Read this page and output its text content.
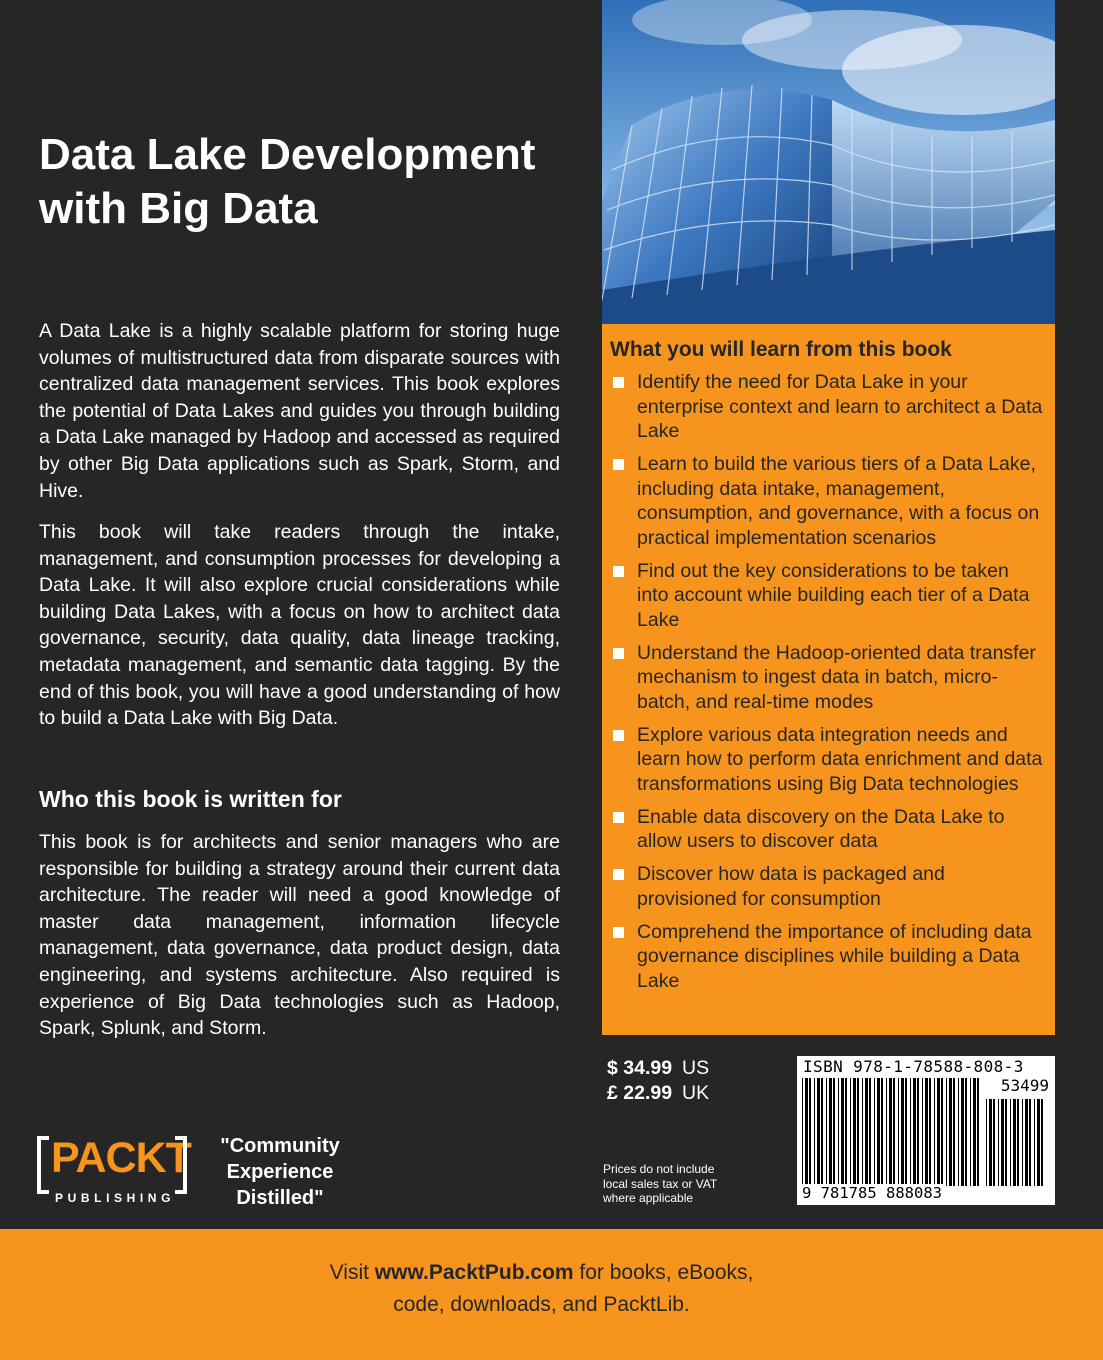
Data Lake Development
with Big Data
A Data Lake is a highly scalable platform for storing huge volumes of multistructured data from disparate sources with centralized data management services. This book explores the potential of Data Lakes and guides you through building a Data Lake managed by Hadoop and accessed as required by other Big Data applications such as Spark, Storm, and Hive.
This book will take readers through the intake, management, and consumption processes for developing a Data Lake. It will also explore crucial considerations while building Data Lakes, with a focus on how to architect data governance, security, data quality, data lineage tracking, metadata management, and semantic data tagging. By the end of this book, you will have a good understanding of how to build a Data Lake with Big Data.
Who this book is written for
This book is for architects and senior managers who are responsible for building a strategy around their current data architecture. The reader will need a good knowledge of master data management, information lifecycle management, data governance, data product design, data engineering, and systems architecture. Also required is experience of Big Data technologies such as Hadoop, Spark, Splunk, and Storm.
PACKT
PUBLISHING
"Community
Experience
Distilled"
What you will learn from this book
Identify the need for Data Lake in your enterprise context and learn to architect a Data Lake
Learn to build the various tiers of a Data Lake, including data intake, management, consumption, and governance, with a focus on practical implementation scenarios
Find out the key considerations to be taken into account while building each tier of a Data Lake
Understand the Hadoop-oriented data transfer mechanism to ingest data in batch, micro-batch, and real-time modes
Explore various data integration needs and learn how to perform data enrichment and data transformations using Big Data technologies
Enable data discovery on the Data Lake to allow users to discover data
Discover how data is packaged and provisioned for consumption
Comprehend the importance of including data governance disciplines while building a Data Lake
$ 34.99 US
£ 22.99 UK
Prices do not include
local sales tax or VAT
where applicable
ISBN 978-1-78588-808-3
53499
9 781785 888083

Visit www.PacktPub.com for books, eBooks,
code, downloads, and PacktLib.
